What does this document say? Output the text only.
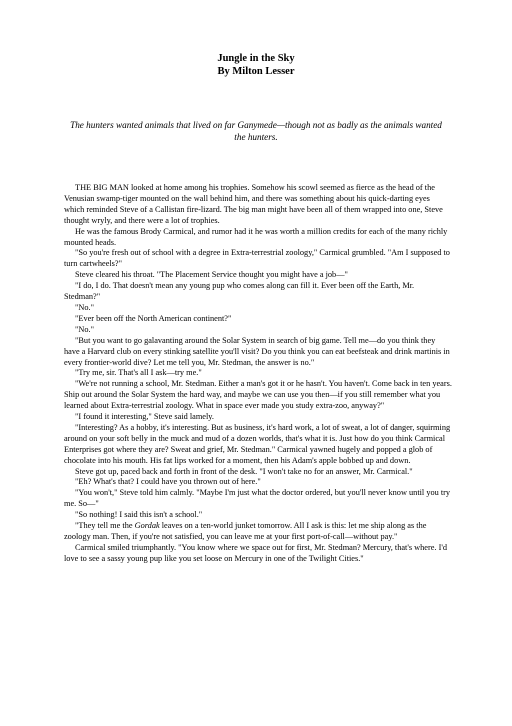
Jungle in the Sky
By Milton Lesser
The hunters wanted animals that lived on far Ganymede—though not as badly as the animals wanted the hunters.

THE BIG MAN looked at home among his trophies. Somehow his scowl seemed as fierce as the head of the Venusian swamp-tiger mounted on the wall behind him, and there was something about his quick-darting eyes which reminded Steve of a Callistan fire-lizard. The big man might have been all of them wrapped into one, Steve thought wryly, and there were a lot of trophies.

He was the famous Brody Carmical, and rumor had it he was worth a million credits for each of the many richly mounted heads.

"So you're fresh out of school with a degree in Extra-terrestrial zoology," Carmical grumbled. "Am I supposed to turn cartwheels?"

Steve cleared his throat. "The Placement Service thought you might have a job—"

"I do, I do. That doesn't mean any young pup who comes along can fill it. Ever been off the Earth, Mr. Stedman?"

"No."

"Ever been off the North American continent?"

"No."

"But you want to go galavanting around the Solar System in search of big game. Tell me—do you think they have a Harvard club on every stinking satellite you'll visit? Do you think you can eat beefsteak and drink martinis in every frontier-world dive? Let me tell you, Mr. Stedman, the answer is no."

"Try me, sir. That's all I ask—try me."

"We're not running a school, Mr. Stedman. Either a man's got it or he hasn't. You haven't. Come back in ten years. Ship out around the Solar System the hard way, and maybe we can use you then—if you still remember what you learned about Extra-terrestrial zoology. What in space ever made you study extra-zoo, anyway?"

"I found it interesting," Steve said lamely.

"Interesting? As a hobby, it's interesting. But as business, it's hard work, a lot of sweat, a lot of danger, squirming around on your soft belly in the muck and mud of a dozen worlds, that's what it is. Just how do you think Carmical Enterprises got where they are? Sweat and grief, Mr. Stedman." Carmical yawned hugely and popped a glob of chocolate into his mouth. His fat lips worked for a moment, then his Adam's apple bobbed up and down.

Steve got up, paced back and forth in front of the desk. "I won't take no for an answer, Mr. Carmical."

"Eh? What's that? I could have you thrown out of here."

"You won't," Steve told him calmly. "Maybe I'm just what the doctor ordered, but you'll never know until you try me. So—"

"So nothing! I said this isn't a school."

"They tell me the Gordak leaves on a ten-world junket tomorrow. All I ask is this: let me ship along as the zoology man. Then, if you're not satisfied, you can leave me at your first port-of-call—without pay."

Carmical smiled triumphantly. "You know where we space out for first, Mr. Stedman? Mercury, that's where. I'd love to see a sassy young pup like you set loose on Mercury in one of the Twilight Cities."
